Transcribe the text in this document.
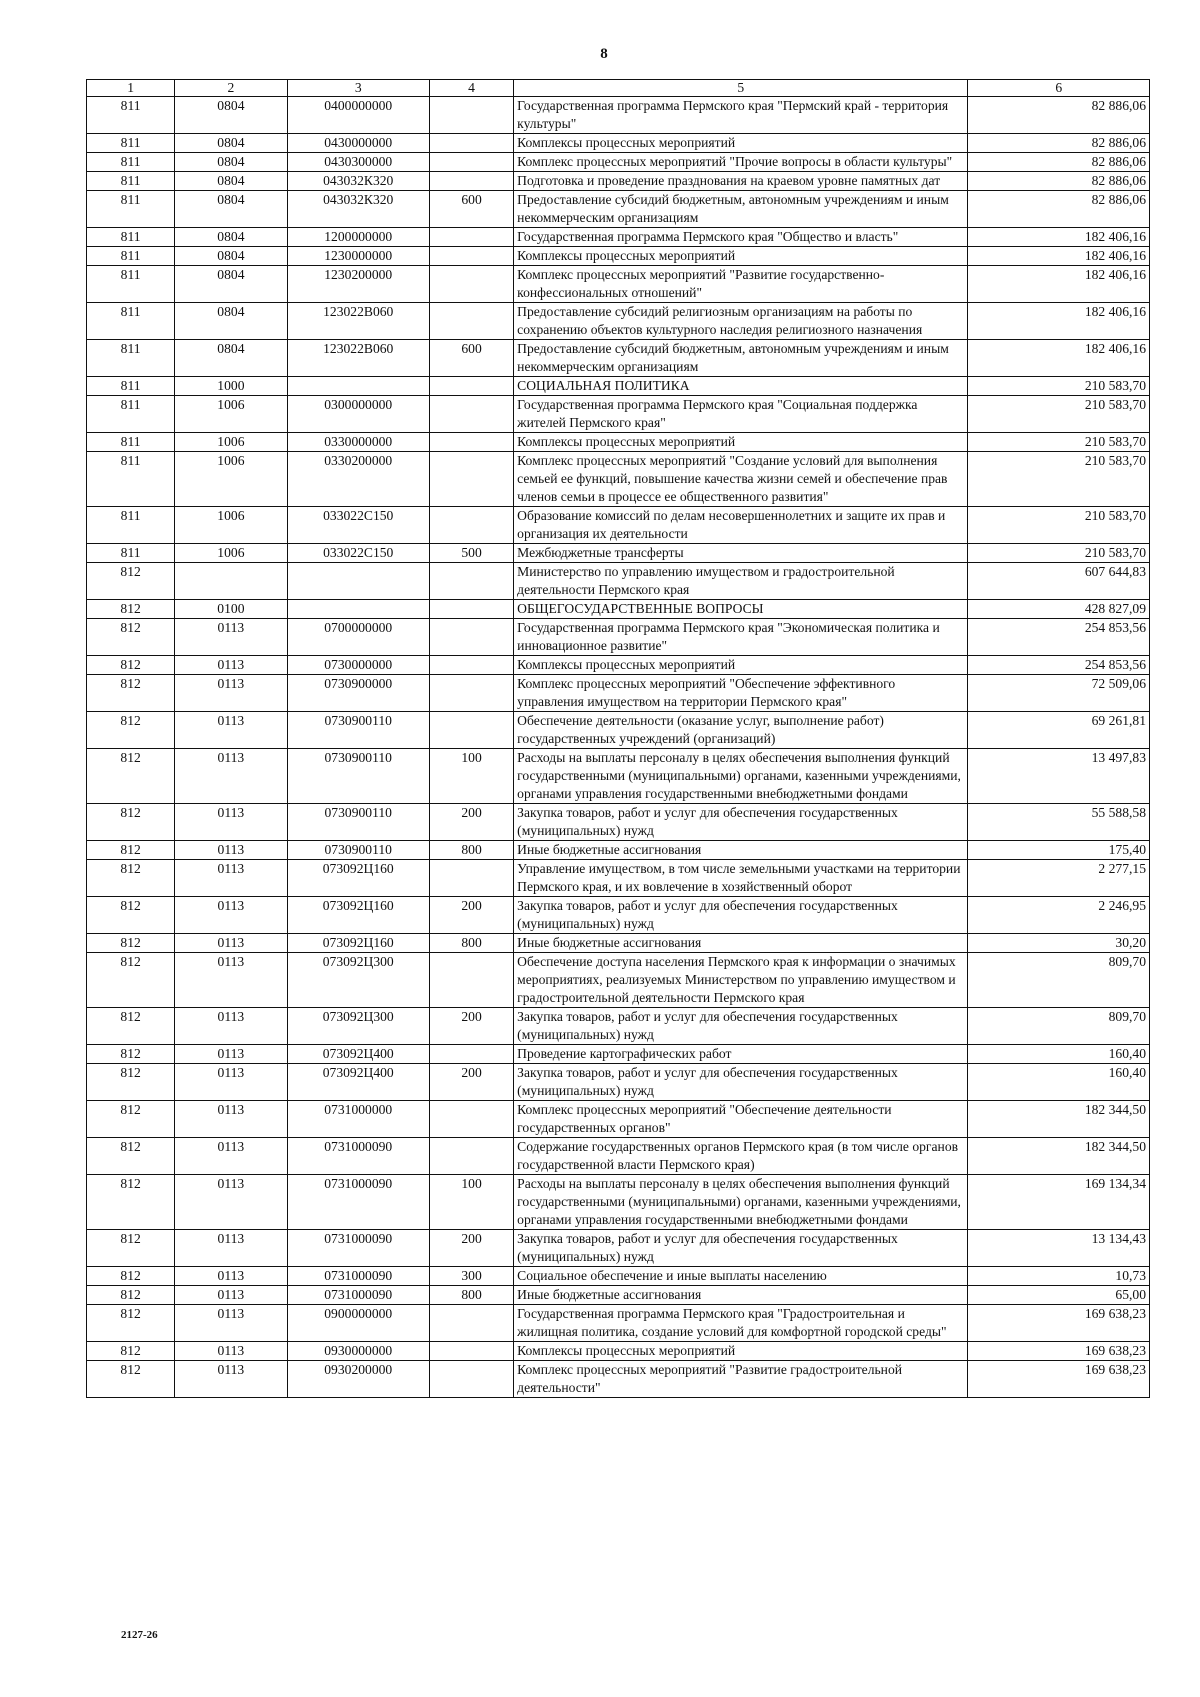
8
1	2	3	4	5	6
811	0804	0400000000		Государственная программа Пермского края "Пермский край - территория культуры"	82 886,06
811	0804	0430000000		Комплексы процессных мероприятий	82 886,06
811	0804	0430300000		Комплекс процессных мероприятий "Прочие вопросы в области культуры"	82 886,06
811	0804	043032К320		Подготовка и проведение празднования на краевом уровне памятных дат	82 886,06
811	0804	043032К320	600	Предоставление субсидий бюджетным, автономным учреждениям и иным некоммерческим организациям	82 886,06
811	0804	1200000000		Государственная программа Пермского края "Общество и власть"	182 406,16
811	0804	1230000000		Комплексы процессных мероприятий	182 406,16
811	0804	1230200000		Комплекс процессных мероприятий "Развитие государственно-конфессиональных отношений"	182 406,16
811	0804	123022В060		Предоставление субсидий религиозным организациям на работы по сохранению объектов культурного наследия религиозного назначения	182 406,16
811	0804	123022В060	600	Предоставление субсидий бюджетным, автономным учреждениям и иным некоммерческим организациям	182 406,16
811	1000			СОЦИАЛЬНАЯ ПОЛИТИКА	210 583,70
811	1006	0300000000		Государственная программа Пермского края "Социальная поддержка жителей Пермского края"	210 583,70
811	1006	0330000000		Комплексы процессных мероприятий	210 583,70
811	1006	0330200000		Комплекс процессных мероприятий "Создание условий для выполнения семьей ее функций, повышение качества жизни семей и обеспечение прав членов семьи в процессе ее общественного развития"	210 583,70
811	1006	033022С150		Образование комиссий по делам несовершеннолетних и защите их прав и организация их деятельности	210 583,70
811	1006	033022С150	500	Межбюджетные трансферты	210 583,70
812				Министерство по управлению имуществом и градостроительной деятельности Пермского края	607 644,83
812	0100			ОБЩЕГОСУДАРСТВЕННЫЕ ВОПРОСЫ	428 827,09
812	0113	0700000000		Государственная программа Пермского края "Экономическая политика и инновационное развитие"	254 853,56
812	0113	0730000000		Комплексы процессных мероприятий	254 853,56
812	0113	0730900000		Комплекс процессных мероприятий "Обеспечение эффективного управления имуществом на территории Пермского края"	72 509,06
812	0113	0730900110		Обеспечение деятельности (оказание услуг, выполнение работ) государственных учреждений (организаций)	69 261,81
812	0113	0730900110	100	Расходы на выплаты персоналу в целях обеспечения выполнения функций государственными (муниципальными) органами, казенными учреждениями, органами управления государственными внебюджетными фондами	13 497,83
812	0113	0730900110	200	Закупка товаров, работ и услуг для обеспечения государственных (муниципальных) нужд	55 588,58
812	0113	0730900110	800	Иные бюджетные ассигнования	175,40
812	0113	073092Ц160		Управление имуществом, в том числе земельными участками на территории Пермского края, и их вовлечение в хозяйственный оборот	2 277,15
812	0113	073092Ц160	200	Закупка товаров, работ и услуг для обеспечения государственных (муниципальных) нужд	2 246,95
812	0113	073092Ц160	800	Иные бюджетные ассигнования	30,20
812	0113	073092Ц300		Обеспечение доступа населения Пермского края к информации о значимых мероприятиях, реализуемых Министерством по управлению имуществом и градостроительной деятельности Пермского края	809,70
812	0113	073092Ц300	200	Закупка товаров, работ и услуг для обеспечения государственных (муниципальных) нужд	809,70
812	0113	073092Ц400		Проведение картографических работ	160,40
812	0113	073092Ц400	200	Закупка товаров, работ и услуг для обеспечения государственных (муниципальных) нужд	160,40
812	0113	0731000000		Комплекс процессных мероприятий "Обеспечение деятельности государственных органов"	182 344,50
812	0113	0731000090		Содержание государственных органов Пермского края (в том числе органов государственной власти Пермского края)	182 344,50
812	0113	0731000090	100	Расходы на выплаты персоналу в целях обеспечения выполнения функций государственными (муниципальными) органами, казенными учреждениями, органами управления государственными внебюджетными фондами	169 134,34
812	0113	0731000090	200	Закупка товаров, работ и услуг для обеспечения государственных (муниципальных) нужд	13 134,43
812	0113	0731000090	300	Социальное обеспечение и иные выплаты населению	10,73
812	0113	0731000090	800	Иные бюджетные ассигнования	65,00
812	0113	0900000000		Государственная программа Пермского края "Градостроительная и жилищная политика, создание условий для комфортной городской среды"	169 638,23
812	0113	0930000000		Комплексы процессных мероприятий	169 638,23
812	0113	0930200000		Комплекс процессных мероприятий "Развитие градостроительной деятельности"	169 638,23
2127-26
